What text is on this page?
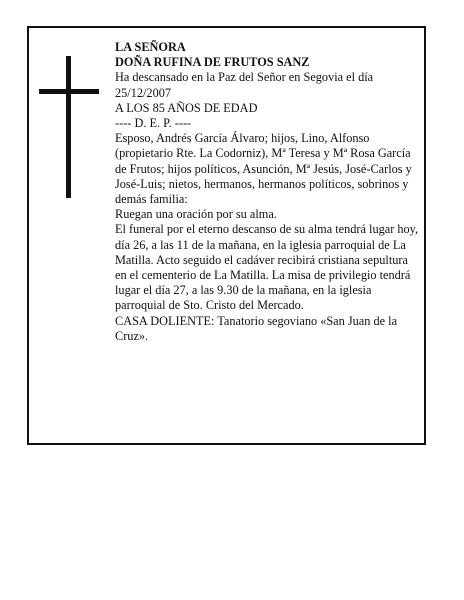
LA SEÑORA

DOÑA RUFINA DE FRUTOS SANZ

Ha descansado en la Paz del Señor en Segovia el día 25/12/2007

A LOS 85 AÑOS DE EDAD

---- D. E. P. ----

Esposo, Andrés García Álvaro; hijos, Lino, Alfonso (propietario Rte. La Codorniz), Mª Teresa y Mª Rosa García de Frutos; hijos políticos, Asunción, Mª Jesús, José-Carlos y José-Luis; nietos, hermanos, hermanos políticos, sobrinos y demás familia:

Ruegan una oración por su alma.

El funeral por el eterno descanso de su alma tendrá lugar hoy, día 26, a las 11 de la mañana, en la iglesia parroquial de La Matilla. Acto seguido el cadáver recibirá cristiana sepultura en el cementerio de La Matilla. La misa de privilegio tendrá lugar el día 27, a las 9.30 de la mañana, en la iglesia parroquial de Sto. Cristo del Mercado.

CASA DOLIENTE: Tanatorio segoviano «San Juan de la Cruz».
